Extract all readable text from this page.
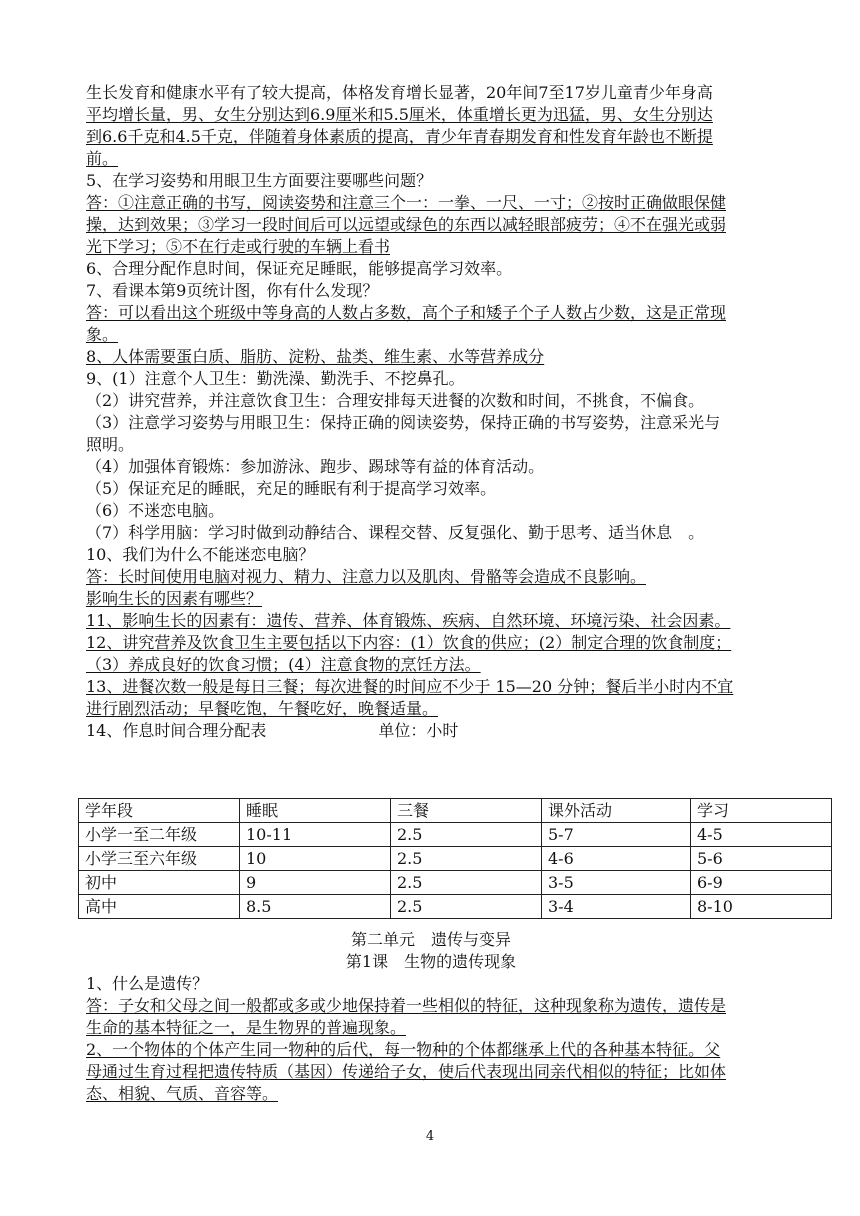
生长发育和健康水平有了较大提高，体格发育增长显著，20年间7至17岁儿童青少年身高

平均增长量，男、女生分别达到6.9厘米和5.5厘米，体重增长更为迅猛，男、女生分别达

到6.6千克和4.5千克，伴随着身体素质的提高，青少年青春期发育和性发育年龄也不断提

前。

5、在学习姿势和用眼卫生方面要注要哪些问题？

答：①注意正确的书写，阅读姿势和注意三个一：一拳、一尺、一寸；②按时正确做眼保健

操，达到效果；③学习一段时间后可以远望或绿色的东西以减轻眼部疲劳；④不在强光或弱

光下学习；⑤不在行走或行驶的车辆上看书

6、合理分配作息时间，保证充足睡眠，能够提高学习效率。

7、看课本第9页统计图，你有什么发现？

答：可以看出这个班级中等身高的人数占多数，高个子和矮子个子人数占少数，这是正常现

象。

8、人体需要蛋白质、脂肪、淀粉、盐类、维生素、水等营养成分

9、(1）注意个人卫生：勤洗澡、勤洗手、不挖鼻孔。

（2）讲究营养，并注意饮食卫生：合理安排每天进餐的次数和时间，不挑食，不偏食。

（3）注意学习姿势与用眼卫生：保持正确的阅读姿势，保持正确的书写姿势，注意采光与

照明。

（4）加强体育锻炼：参加游泳、跑步、踢球等有益的体育活动。

（5）保证充足的睡眠，充足的睡眠有利于提高学习效率。

（6）不迷恋电脑。

（7）科学用脑：学习时做到动静结合、课程交替、反复强化、勤于思考、适当休息　。

10、我们为什么不能迷恋电脑？

答：长时间使用电脑对视力、精力、注意力以及肌肉、骨骼等会造成不良影响。

影响生长的因素有哪些？

11、影响生长的因素有：遗传、营养、体育锻炼、疾病、自然环境、环境污染、社会因素。

12、讲究营养及饮食卫生主要包括以下内容：(1）饮食的供应；(2）制定合理的饮食制度；

（3）养成良好的饮食习惯；(4）注意食物的烹饪方法。

13、进餐次数一般是每日三餐；每次进餐的时间应不少于 15—20 分钟；餐后半小时内不宜

进行剧烈活动；早餐吃饱，午餐吃好，晚餐适量。

14、作息时间合理分配表　　　　　　　单位：小时

学年段	睡眠	三餐	课外活动	学习
小学一至二年级	10-11	2.5	5-7	4-5
小学三至六年级	10	2.5	4-6	5-6
初中	9	2.5	3-5	6-9
高中	8.5	2.5	3-4	8-10

第二单元　遗传与变异

第1课　生物的遗传现象

1、什么是遗传？

答：子女和父母之间一般都或多或少地保持着一些相似的特征，这种现象称为遗传，遗传是

生命的基本特征之一，是生物界的普遍现象。

2、一个物体的个体产生同一物种的后代，每一物种的个体都继承上代的各种基本特征。父

母通过生育过程把遗传特质（基因）传递给子女，使后代表现出同亲代相似的特征；比如体

态、相貌、气质、音容等。

4
